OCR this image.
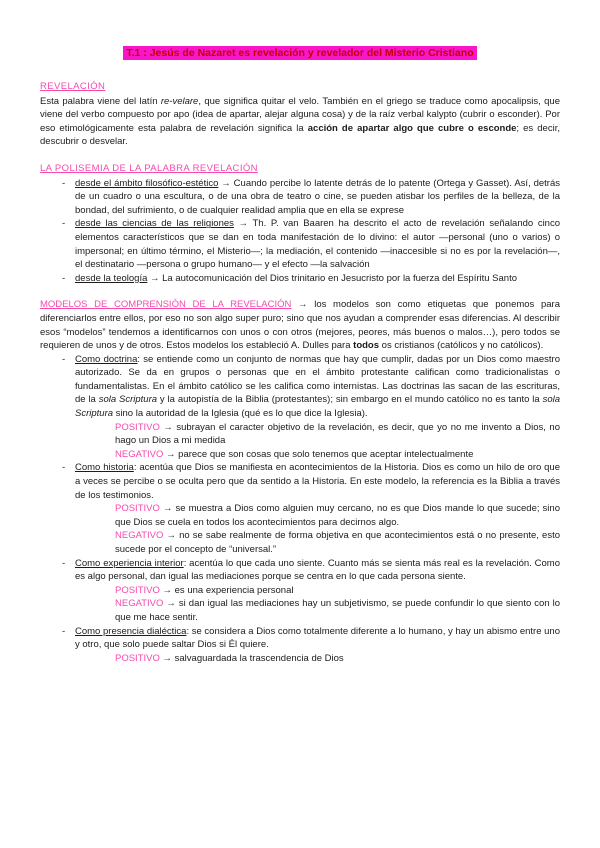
T.1 : Jesús de Nazaret es revelación y revelador del Misterio Cristiano
REVELACIÓN

Esta palabra viene del latín re-velare, que significa quitar el velo. También en el griego se traduce como apocalipsis, que viene del verbo compuesto por apo (idea de apartar, alejar alguna cosa) y de la raíz verbal kalypto (cubrir o esconder). Por eso etimológicamente esta palabra de revelación significa la acción de apartar algo que cubre o esconde; es decir, descubrir o desvelar.

LA POLISEMIA DE LA PALABRA REVELACIÓN
- desde el ámbito filosófico-estético → Cuando percibe lo latente detrás de lo patente (Ortega y Gasset). Así, detrás de un cuadro o una escultura, o de una obra de teatro o cine, se pueden atisbar los perfiles de la belleza, de la bondad, del sufrimiento, o de cualquier realidad amplia que en ella se exprese
- desde las ciencias de las religiones → Th. P. van Baaren ha descrito el acto de revelación señalando cinco elementos característicos que se dan en toda manifestación de lo divino: el autor —personal (uno o varios) o impersonal; en último término, el Misterio—; la mediación, el contenido —inaccesible si no es por la revelación—, el destinatario —persona o grupo humano— y el efecto —la salvación
- desde la teología → La autocomunicación del Dios trinitario en Jesucristo por la fuerza del Espíritu Santo

MODELOS DE COMPRENSIÓN DE LA REVELACIÓN → los modelos son como etiquetas que ponemos para diferenciarlos entre ellos, por eso no son algo super puro; sino que nos ayudan a comprender esas diferencias. Al describir esos “modelos” tendemos a identificarnos con unos o con otros (mejores, peores, más buenos o malos…), pero todos se requieren de unos y de otros. Estos modelos los estableció A. Dulles para todos os cristianos (católicos y no católicos).

- Como doctrina: se entiende como un conjunto de normas que hay que cumplir, dadas por un Dios como maestro autorizado. Se da en grupos o personas que en el ámbito protestante califican como tradicionalistas o fundamentalistas. En el ámbito católico se les califica como internistas. Las doctrinas las sacan de las escrituras, de la sola Scriptura y la autopistía de la Biblia (protestantes); sin embargo en el mundo católico no es tanto la sola Scriptura sino la autoridad de la Iglesia (qué es lo que dice la Iglesia).
POSITIVO → subrayan el caracter objetivo de la revelación, es decir, que yo no me invento a Dios, no hago un Dios a mi medida
NEGATIVO → parece que son cosas que solo tenemos que aceptar intelectualmente
- Como historia: acentúa que Dios se manifiesta en acontecimientos de la Historia. Dios es como un hilo de oro que a veces se percibe o se oculta pero que da sentido a la Historia. En este modelo, la referencia es la Biblia a través de los testimonios.
POSITIVO → se muestra a Dios como alguien muy cercano, no es que Dios mande lo que sucede; sino que Dios se cuela en todos los acontecimientos para decirnos algo.
NEGATIVO → no se sabe realmente de forma objetiva en que acontecimientos está o no presente, esto sucede por el concepto de “universal.”
- Como experiencia interior: acentúa lo que cada uno siente. Cuanto más se sienta más real es la revelación. Como es algo personal, dan igual las mediaciones porque se centra en lo que cada persona siente.
POSITIVO → es una experiencia personal
NEGATIVO → si dan igual las mediaciones hay un subjetivismo, se puede confundir lo que siento con lo que me hace sentir.
- Como presencia dialéctica: se considera a Dios como totalmente diferente a lo humano, y hay un abismo entre uno y otro, que solo puede saltar Dios si Él quiere.
POSITIVO → salvaguardada la trascendencia de Dios
